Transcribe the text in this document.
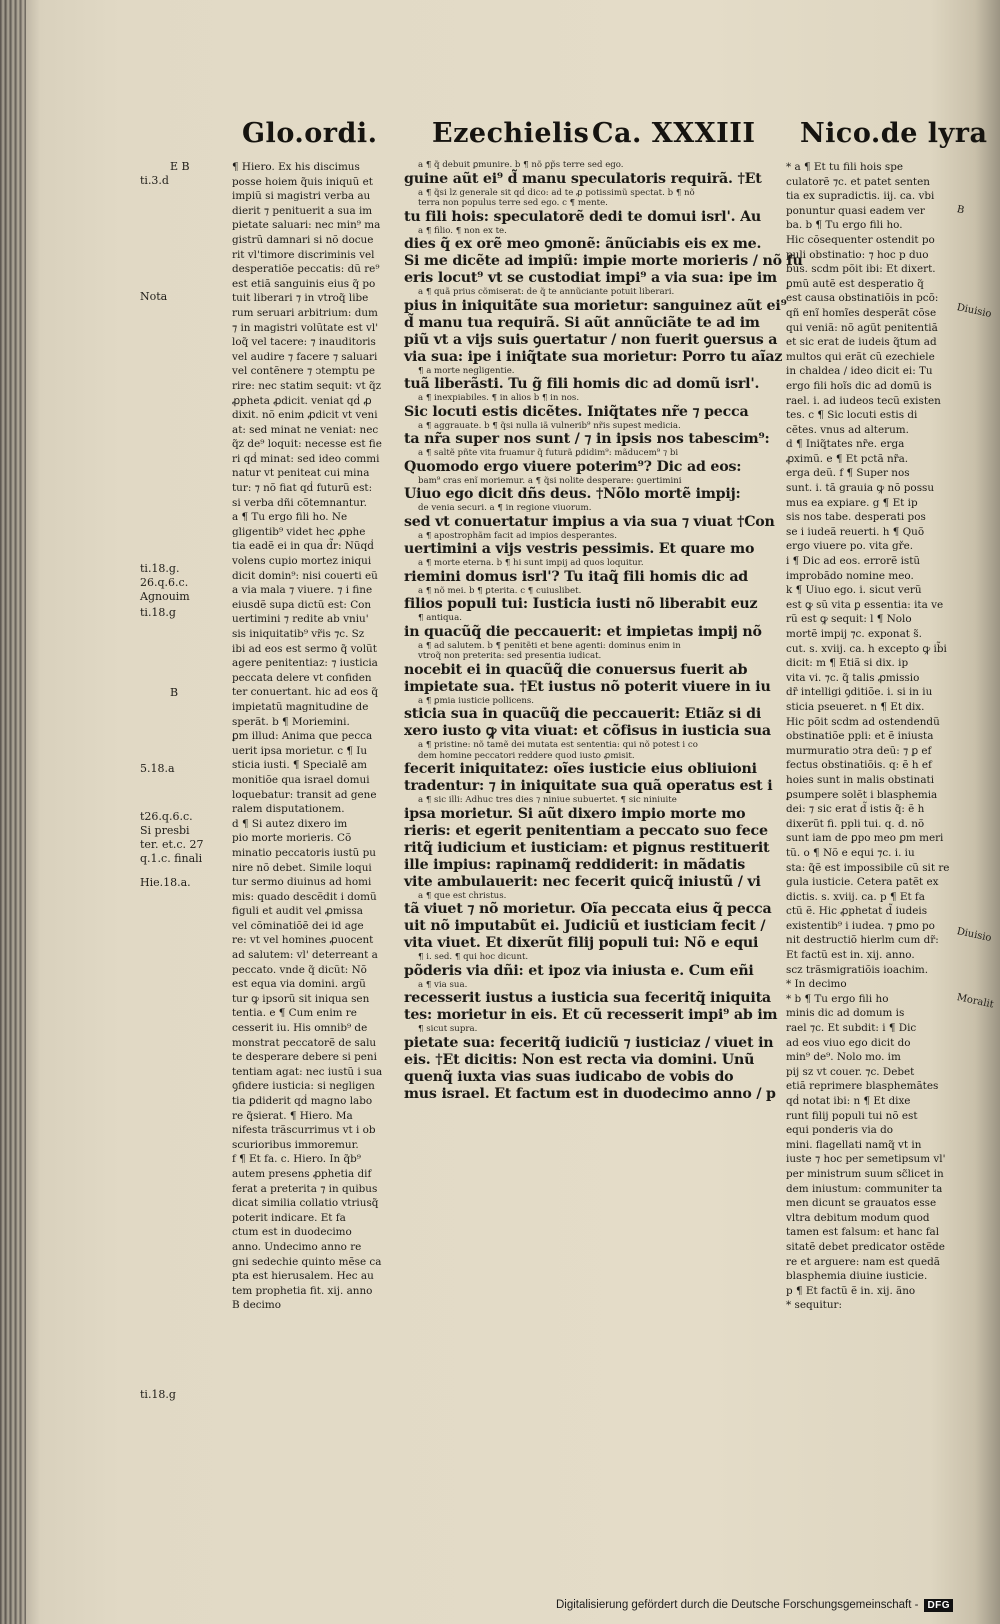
Glo.ordi. Ezechielis Ca. XXXIII Nico.de lyra
E B
ti.3.d
Nota
ti.18.g.
26.q.6.c.
Agnouim
ti.18.g
B
5.18.a
t26.q.6.c.
Si presbi
ter. et.c. 27
q.1.c. finali
Hie.18.a.
ti.18.g
¶ Hiero. Ex his discimus
posse hoiem q̃uis iniquũ et
impiũ si magistri verba au
dierit ⁊ penituerit a sua im
pietate saluari: nec min⁹ ma
gistrũ damnari si nõ docue
rit vl'timore discriminis vel
desperatiõe peccatis: dũ re⁹
est etiã sanguinis eius q̃ po
tuit liberari ⁊ in vtroq̃ libe
rum seruari arbitrium: dum
⁊ in magistri volũtate est vl'
loq̃ vel tacere: ⁊ inauditoris
vel audire ⁊ facere ⁊ saluari
vel contẽnere ⁊ ↄtemptu pe
rire: nec statim sequit: vt q̃z
ꝓpheta ꝓdicit. veniat qḋ ꝓ
dixit. nõ enim ꝓdicit vt veni
at: sed minat ne veniat: nec
q̃z de⁹ loquit: necesse est fie
ri qḋ minat: sed ideo commi
natur vt peniteat cui mina
tur: ⁊ nõ fiat qḋ futurũ est:
si verba dñi cõtemnantur.
a ¶ Tu ergo fili ho. Ne
gligentib⁹ videt hec ꝓphe
tia eadẽ ei in qua d̃r: Nũqḋ
volens cupio mortez iniqui
dicit domin⁹: nisi couerti eũ
a via mala ⁊ viuere. ⁊ i fine
eiusdẽ supa dictũ est: Con
uertimini ⁊ redite ab vniu'
sis iniquitatib⁹ vr̃is ⁊c. Sz
ibi ad eos est sermo q̃ volũt
agere penitentiaz: ⁊ iusticia
peccata delere vt confiden
ter conuertant. hic ad eos q̃
impietatũ magnitudine de
sperãt. b ¶ Moriemini.
ꝑm illud: Anima que pecca
uerit ipsa morietur. c ¶ Iu
sticia iusti. ¶ Specialẽ am
monitiõe qua israel domui
loquebatur: transit ad gene
ralem disputationem.
d ¶ Si autez dixero im
pio morte morieris. Cõ
minatio peccatoris iustũ pu
nire nõ debet. Simile loqui
tur sermo diuinus ad homi
mis: quado descẽdit i domũ
figuli et audit vel ꝓmissa
vel cõminatiõẽ dei id age
re: vt vel homines ꝓuocent
ad salutem: vl' deterreant a
peccato. vnde q̃ dicũt: Nõ
est equa via domini. argũ
tur ꝙ ipsorũ sit iniqua sen
tentia. e ¶ Cum enim re
cesserit iu. His omnib⁹ de
monstrat peccatorẽ de salu
te desperare debere si peni
tentiam agat: nec iustũ i sua
ꝯfidere iusticia: si negligen
tia ꝑdiderit qḋ magno labo
re q̃sierat. ¶ Hiero. Ma
nifesta trãscurrimus vt i ob
scurioribus immoremur.
f ¶ Et fa. c. Hiero. In q̃b⁹
autem presens ꝓphetia dif
ferat a preterita ⁊ in quibus
dicat similia collatio vtriusq̃
poterit indicare. Et fa
ctum est in duodecimo
anno. Undecimo anno re
gni sedechie quinto mẽse ca
pta est hierusalem. Hec au
tem prophetia fit. xij. anno
B decimo
a ¶ q̃ debuit ꝑmunire. b ¶ nõ ꝑp̃s terre sed ego.
guine aũt ei⁹ d̃ manu speculatoris requirã. †Et
a ¶ q̃si lz generale sit qḋ dico: ad te ꝓ potissimũ spectat. b ¶ nõ
terra non populus terre sed ego. c ¶ mente.
tu fili hois: speculatorẽ dedi te domui isrl'. Au
a ¶ filio. ¶ non ex te.
dies q̃ ex orẽ meo ꝯmonẽ: ãnũciabis eis ex me.
Si me dicẽte ad impiũ: impie morte morieris / nõ fu
eris locut⁹ vt se custodiat impi⁹ a via sua: ipe im
a ¶ quã prius cõmiserat: de q̃ te annũciante potuit liberari.
pius in iniquitãte sua morietur: sanguinez aũt ei⁹
d̃ manu tua requirã. Si aũt annũciãte te ad im
piũ vt a vijs suis ꝯuertatur / non fuerit ꝯuersus a
via sua: ipe i iniq̃tate sua morietur: Porro tu aĩaz
¶ a morte negligentie.
tuã liberãsti. Tu g̃ fili homis dic ad domũ isrl'.
a ¶ inexpiabiles. ¶ in alios b ¶ in nos.
Sic locuti estis dicẽtes. Iniq̃tates nr̃e ⁊ pecca
a ¶ aggrauate. b ¶ q̃si nulla iã vulnerib⁹ nr̃is supest medicia.
ta nr̃a super nos sunt / ⁊ in ipsis nos tabescim⁹:
a ¶ saltẽ pñte vita fruamur q̃ futurã ꝑdidim⁹: mãducem⁹ ⁊ bi
Quomodo ergo viuere poterim⁹? Dic ad eos:
bam⁹ cras enĩ moriemur. a ¶ q̃si nolite desperare: ꝯuertimini
Uiuo ego dicit dñs deus. †Nõlo mortẽ impij:
de venia securi. a ¶ in regione viuorum.
sed vt conuertatur impius a via sua ⁊ viuat †Con
a ¶ apostrophãm facit ad impios desperantes.
uertimini a vijs vestris pessimis. Et quare mo
a ¶ morte eterna. b ¶ hi sunt impij ad quos loquitur.
riemini domus isrl'? Tu itaq̃ fili homis dic ad
a ¶ nõ mei. b ¶ ꝑterita. c ¶ cuiuslibet.
filios populi tui: Iusticia iusti nõ liberabit euz
¶ antiqua.
in quacũq̃ die peccauerit: et impietas impij nõ
a ¶ ad salutem. b ¶ penitẽti et bene agenti: dominus enim in
vtroq̃ non preterita: sed presentia iudicat.
nocebit ei in quacũq̃ die conuersus fuerit ab
impietate sua. †Et iustus nõ poterit viuere in iu
a ¶ ꝑmia iusticie pollicens.
sticia sua in quacũq̃ die peccauerit: Etiãz si di
xero iusto ꝙ vita viuat: et cõfisus in iusticia sua
a ¶ pristine: nõ tamẽ dei mutata est sententia: qui nõ potest i co
dem homine peccatori reddere quod iusto ꝓmisit.
fecerit iniquitatez: oĩes iusticie eius obliuioni
tradentur: ⁊ in iniquitate sua quã operatus est i
a ¶ sic illi: Adhuc tres dies ⁊ niniue subuertet. ¶ sic niniuite
ipsa morietur. Si aũt dixero impio morte mo
rieris: et egerit penitentiam a peccato suo fece
ritq̃ iudicium et iusticiam: et pignus restituerit
ille impius: rapinamq̃ reddiderit: in mãdatis
vite ambulauerit: nec fecerit quicq̃ iniustũ / vi
a ¶ que est christus.
tã viuet ⁊ nõ morietur. Oĩa peccata eius q̃ pecca
uit nõ imputabũt ei. Judiciũ et iusticiam fecit /
vita viuet. Et dixerũt filij populi tui: Nõ e equi
¶ i. sed. ¶ qui hoc dicunt.
põderis via dñi: et ipoz via iniusta e. Cum eñi
a ¶ via sua.
recesserit iustus a iusticia sua feceritq̃ iniquita
tes: morietur in eis. Et cũ recesserit impi⁹ ab im
¶ sicut supra.
pietate sua: feceritq̃ iudiciũ ⁊ iusticiaz / viuet in
eis. †Et dicitis: Non est recta via domini. Unũ
quenq̃ iuxta vias suas iudicabo de vobis do
mus israel. Et factum est in duodecimo anno / p
* a ¶ Et tu fili hois spe
culatorẽ ⁊c. et patet senten
tia ex supradictis. iij. ca. vbi
ponuntur quasi eadem ver
ba. b ¶ Tu ergo fili ho.
Hic cõsequenter ostendit po
puli obstinatio: ⁊ hoc p duo
bus. scdm põit ibi: Et dixert.
ꝑmũ autẽ est desperatio q̃
est causa obstinatiõis in pcõ:
qñ enĩ homĩes desperãt cõse
qui veniã: nõ agũt penitentiã
et sic erat de iudeis q̃tum ad
multos qui erãt cũ ezechiele
in chaldea / ideo dicit ei: Tu
ergo fili hoĩs dic ad domũ is
rael. i. ad iudeos tecũ existen
tes. c ¶ Sic locuti estis di
cẽtes. vnus ad alterum.
d ¶ Iniq̃tates nr̃e. erga
ꝓximũ. e ¶ Et pctã nr̃a.
erga deũ. f ¶ Super nos
sunt. i. tã grauia ꝙ nõ possu
mus ea expiare. g ¶ Et ip
sis nos tabe. desperati pos
se i iudeã reuerti. h ¶ Quõ
ergo viuere po. vita gře.
i ¶ Dic ad eos. errorẽ istũ
improbãdo nomine meo.
k ¶ Uiuo ego. i. sicut verũ
est ꝙ sũ vita ꝑ essentia: ita ve
rũ est ꝙ sequit: l ¶ Nolo
mortẽ impij ⁊c. exponat s̃.
cut. s. xviij. ca. h excepto ꝙ ib̃i
dicit: m ¶ Etiã si dix. ip
vita vi. ⁊c. q̃ talis ꝓmissio
dr̃ intelligi ꝯditiõe. i. si in iu
sticia pseueret. n ¶ Et dix.
Hic põit scdm ad ostendendũ
obstinatiõe ppli: et ẽ iniusta
murmuratio ↄtra deũ: ⁊ ꝑ ef
fectus obstinatiõis. q: ẽ h ef
hoies sunt in malis obstinati
ꝑsumpere solẽt i blasphemia
dei: ⁊ sic erat d̃ istis q̃: ẽ h
dixerũt fi. ppli tui. q. d. nõ
sunt iam de ꝑpo meo ꝑm meri
tũ. o ¶ Nõ e equi ⁊c. i. iu
sta: q̃ẽ est impossibile cũ sit re
gula iusticie. Cetera patẽt ex
dictis. s. xviij. ca. p ¶ Et fa
ctũ ẽ. Hic ꝓphetat d̃ iudeis
existentib⁹ i iudea. ⁊ ꝑmo po
nit destructiõ hierlm cum dr̃:
Et factũ est in. xij. anno.
scz trãsmigratiõis ioachim.
* In decimo
* b ¶ Tu ergo fili ho
minis dic ad domum is
rael ⁊c. Et subdit: i ¶ Dic
ad eos viuo ego dicit do
min⁹ de⁹. Nolo mo. im
pij sz vt couer. ⁊c. Debet
etiã reprimere blasphemãtes
qḋ notat ibi: n ¶ Et dixe
runt filij populi tui nõ est
equi ponderis via do
mini. flagellati namq̃ vt in
iuste ⁊ hoc per semetipsum vl'
per ministrum suum sc̃licet in
dem iniustum: communiter ta
men dicunt se grauatos esse
vltra debitum modum quod
tamen est falsum: et hanc fal
sitatẽ debet predicator ostẽde
re et arguere: nam est quedã
blasphemia diuine iusticie.
p ¶ Et factũ ẽ in. xij. ãno
* sequitur:
B
Diuisio
Diuisio
Moralit
Digitalisierung gefördert durch die Deutsche Forschungsgemeinschaft - DFG
